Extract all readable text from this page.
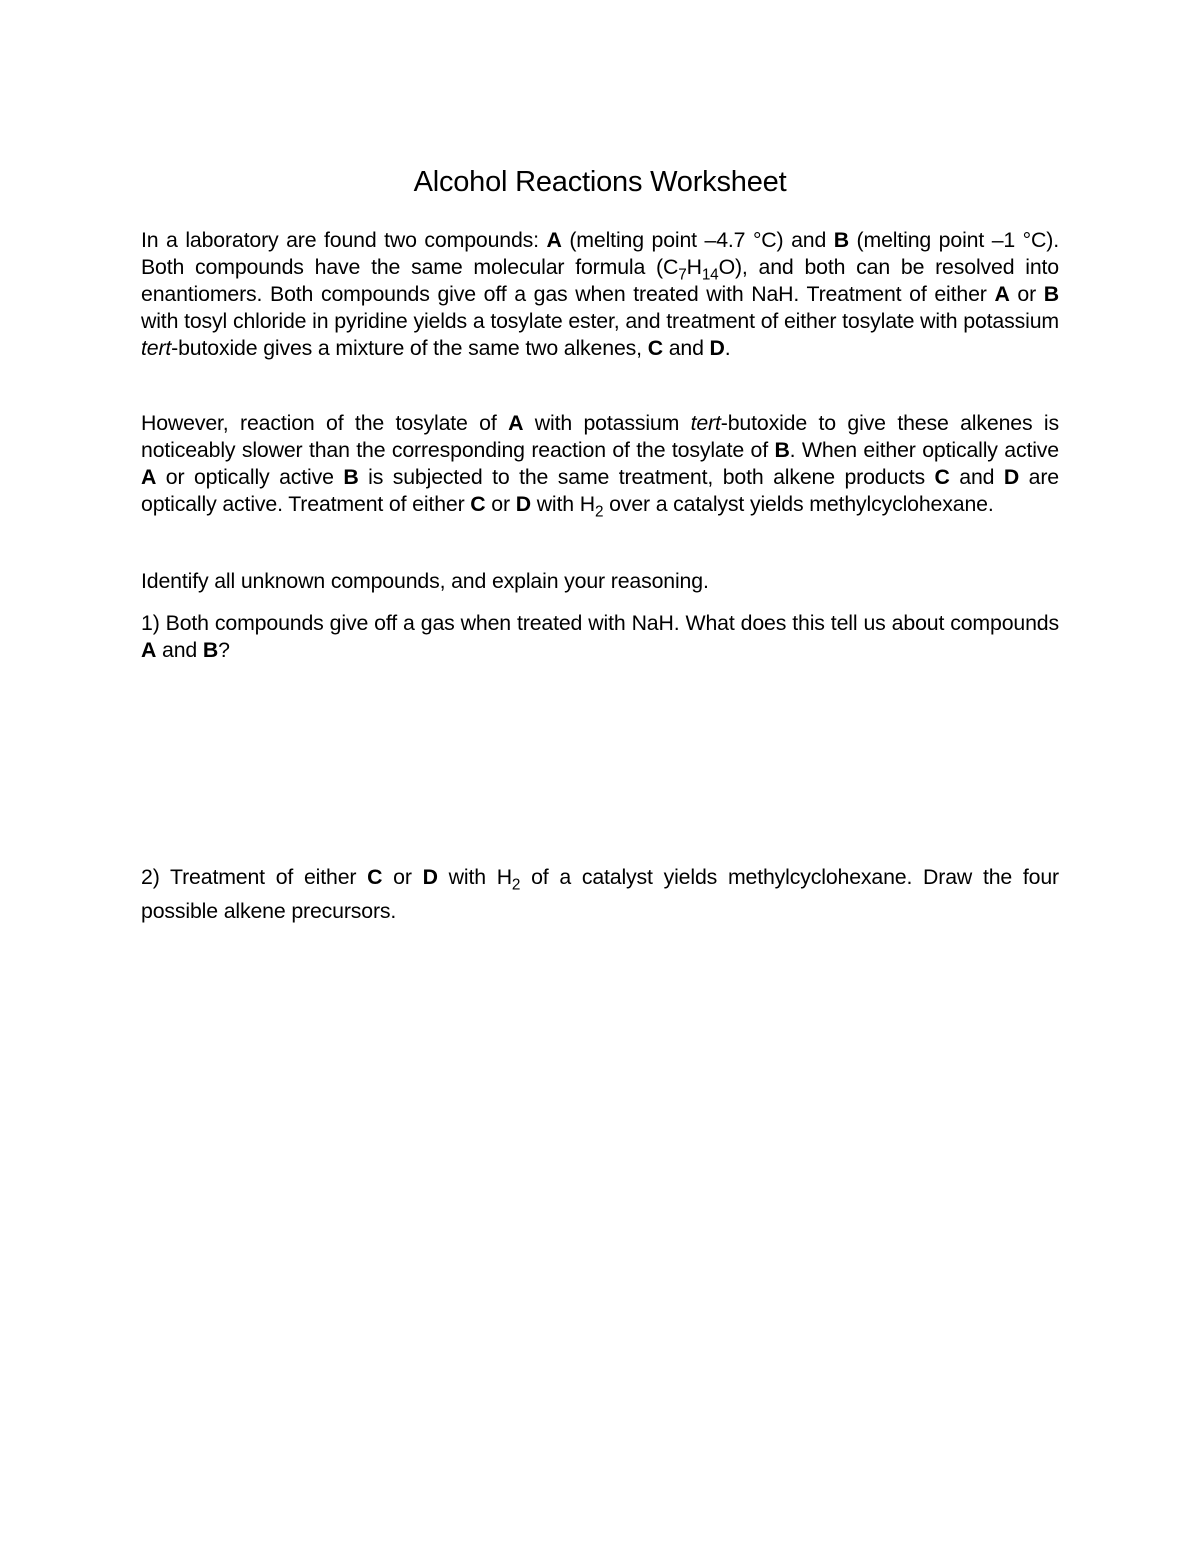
Alcohol Reactions Worksheet

In a laboratory are found two compounds: A (melting point –4.7 °C) and B (melting point –1 °C). Both compounds have the same molecular formula $(C_7H_{14}O)$, and both can be resolved into enantiomers. Both compounds give off a gas when treated with NaH. Treatment of either A or B with tosyl chloride in pyridine yields a tosylate ester, and treatment of either tosylate with potassium tert-butoxide gives a mixture of the same two alkenes, C and D.

However, reaction of the tosylate of A with potassium tert-butoxide to give these alkenes is noticeably slower than the corresponding reaction of the tosylate of B. When either optically active A or optically active B is subjected to the same treatment, both alkene products C and D are optically active. Treatment of either C or D with $H_2$ over a catalyst yields methylcyclohexane.

Identify all unknown compounds, and explain your reasoning.

1) Both compounds give off a gas when treated with NaH. What does this tell us about compounds A and B?

2) Treatment of either C or D with $H_2$ of a catalyst yields methylcyclohexane. Draw the four possible alkene precursors.
